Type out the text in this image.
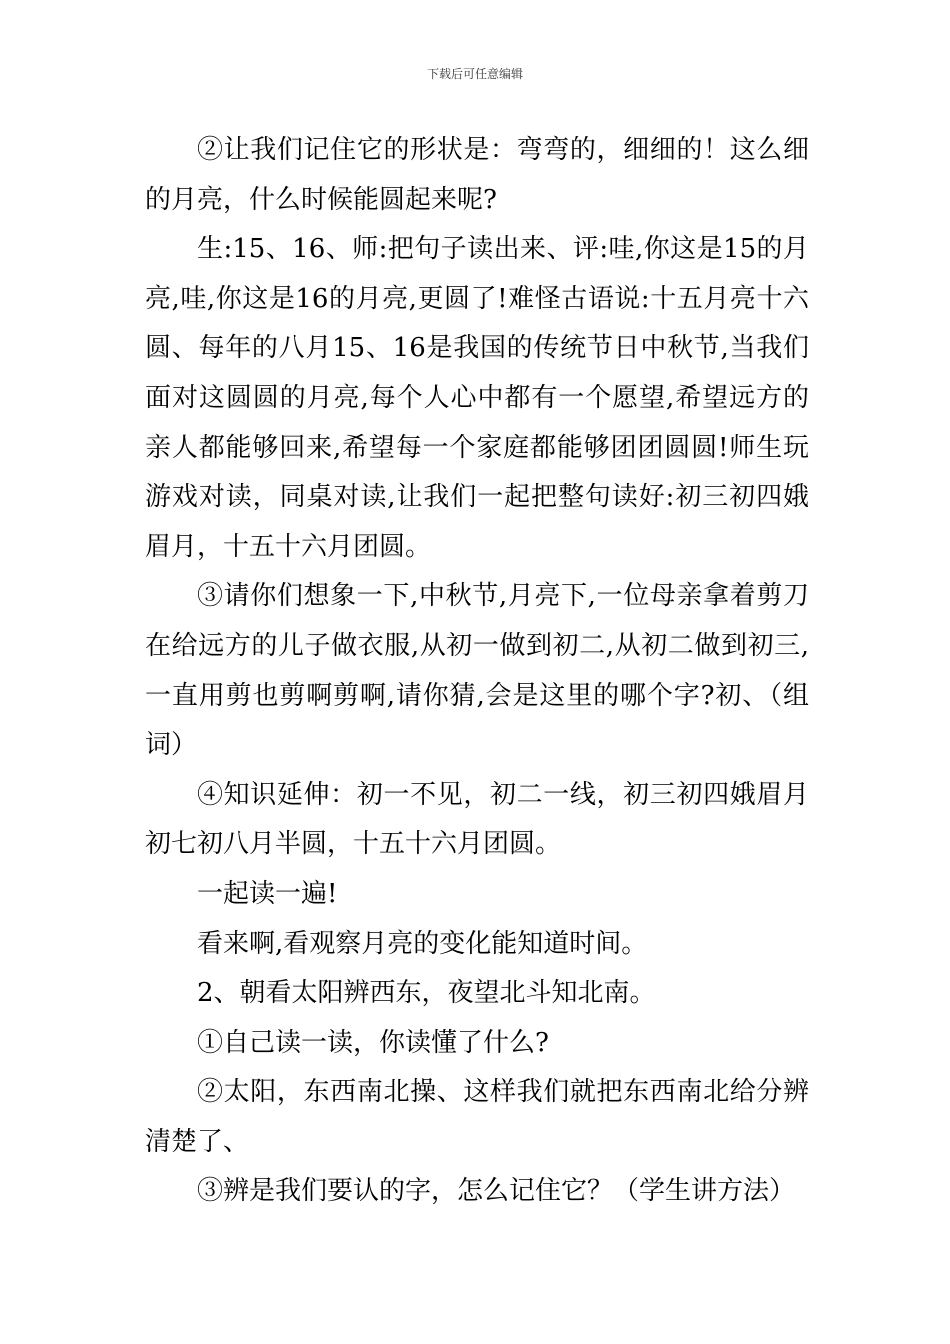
下载后可任意编辑

②让我们记住它的形状是：弯弯的，细细的！这么细的月亮，什么时候能圆起来呢?

生:15、16、师:把句子读出来、评:哇,你这是15的月亮,哇,你这是16的月亮,更圆了!难怪古语说:十五月亮十六圆、每年的八月15、16是我国的传统节日中秋节,当我们面对这圆圆的月亮,每个人心中都有一个愿望,希望远方的亲人都能够回来,希望每一个家庭都能够团团圆圆!师生玩游戏对读，同桌对读,让我们一起把整句读好:初三初四娥眉月，十五十六月团圆。

③请你们想象一下,中秋节,月亮下,一位母亲拿着剪刀在给远方的儿子做衣服,从初一做到初二,从初二做到初三,一直用剪也剪啊剪啊,请你猜,会是这里的哪个字?初、（组词）

④知识延伸：初一不见，初二一线，初三初四娥眉月初七初八月半圆，十五十六月团圆。

一起读一遍!

看来啊,看观察月亮的变化能知道时间。

2、朝看太阳辨西东，夜望北斗知北南。

①自己读一读，你读懂了什么?

②太阳，东西南北操、这样我们就把东西南北给分辨清楚了、

③辨是我们要认的字，怎么记住它？（学生讲方法）
